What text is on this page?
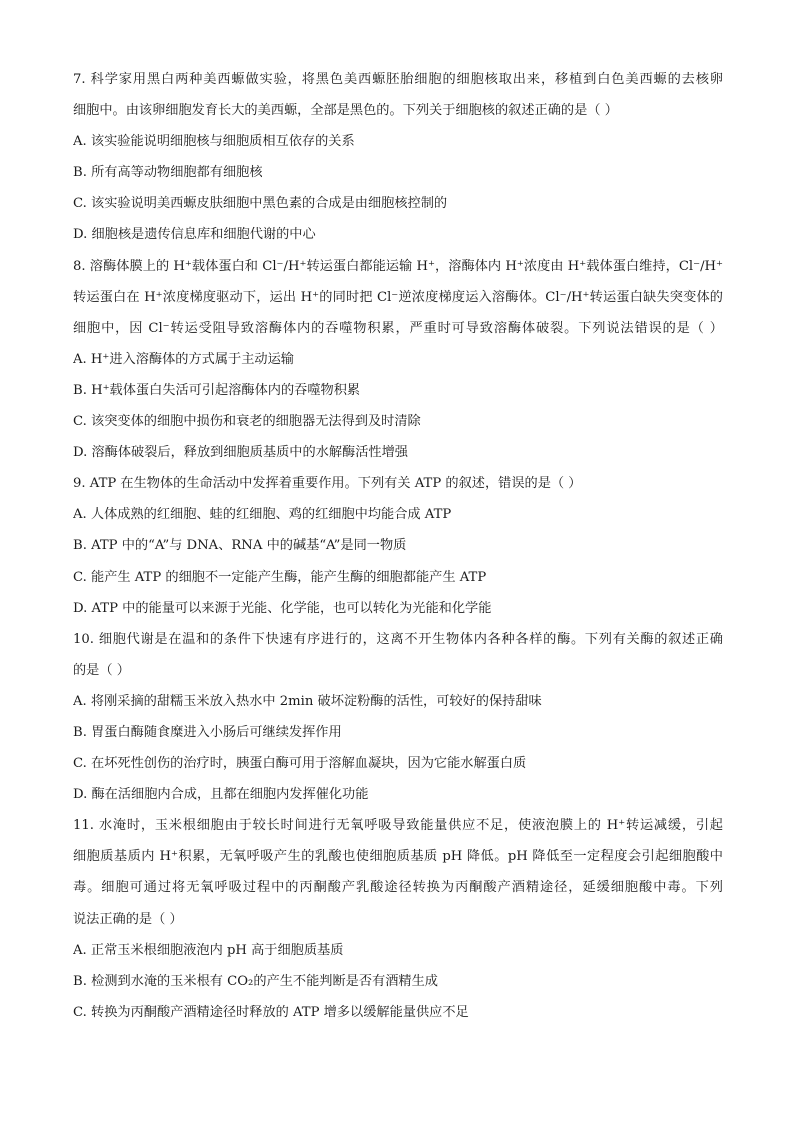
7. 科学家用黑白两种美西螈做实验，将黑色美西螈胚胎细胞的细胞核取出来，移植到白色美西螈的去核卵
细胞中。由该卵细胞发育长大的美西螈，全部是黑色的。下列关于细胞核的叙述正确的是（ ）
A. 该实验能说明细胞核与细胞质相互依存的关系
B. 所有高等动物细胞都有细胞核
C. 该实验说明美西螈皮肤细胞中黑色素的合成是由细胞核控制的
D. 细胞核是遗传信息库和细胞代谢的中心
8. 溶酶体膜上的 H⁺载体蛋白和 Cl⁻/H⁺转运蛋白都能运输 H⁺，溶酶体内 H⁺浓度由 H⁺载体蛋白维持，Cl⁻/H⁺
转运蛋白在 H⁺浓度梯度驱动下，运出 H⁺的同时把 Cl⁻逆浓度梯度运入溶酶体。Cl⁻/H⁺转运蛋白缺失突变体的
细胞中，因 Cl⁻转运受阻导致溶酶体内的吞噬物积累，严重时可导致溶酶体破裂。下列说法错误的是（ ）
A. H⁺进入溶酶体的方式属于主动运输
B. H⁺载体蛋白失活可引起溶酶体内的吞噬物积累
C. 该突变体的细胞中损伤和衰老的细胞器无法得到及时清除
D. 溶酶体破裂后，释放到细胞质基质中的水解酶活性增强
9. ATP 在生物体的生命活动中发挥着重要作用。下列有关 ATP 的叙述，错误的是（ ）
A. 人体成熟的红细胞、蛙的红细胞、鸡的红细胞中均能合成 ATP
B. ATP 中的“A”与 DNA、RNA 中的碱基“A”是同一物质
C. 能产生 ATP 的细胞不一定能产生酶，能产生酶的细胞都能产生 ATP
D. ATP 中的能量可以来源于光能、化学能，也可以转化为光能和化学能
10. 细胞代谢是在温和的条件下快速有序进行的，这离不开生物体内各种各样的酶。下列有关酶的叙述正确
的是（ ）
A. 将刚采摘的甜糯玉米放入热水中 2min 破坏淀粉酶的活性，可较好的保持甜味
B. 胃蛋白酶随食糜进入小肠后可继续发挥作用
C. 在坏死性创伤的治疗时，胰蛋白酶可用于溶解血凝块，因为它能水解蛋白质
D. 酶在活细胞内合成，且都在细胞内发挥催化功能
11. 水淹时，玉米根细胞由于较长时间进行无氧呼吸导致能量供应不足，使液泡膜上的 H⁺转运减缓，引起
细胞质基质内 H⁺积累，无氧呼吸产生的乳酸也使细胞质基质 pH 降低。pH 降低至一定程度会引起细胞酸中
毒。细胞可通过将无氧呼吸过程中的丙酮酸产乳酸途径转换为丙酮酸产酒精途径，延缓细胞酸中毒。下列
说法正确的是（ ）
A. 正常玉米根细胞液泡内 pH 高于细胞质基质
B. 检测到水淹的玉米根有 CO₂的产生不能判断是否有酒精生成
C. 转换为丙酮酸产酒精途径时释放的 ATP 增多以缓解能量供应不足
